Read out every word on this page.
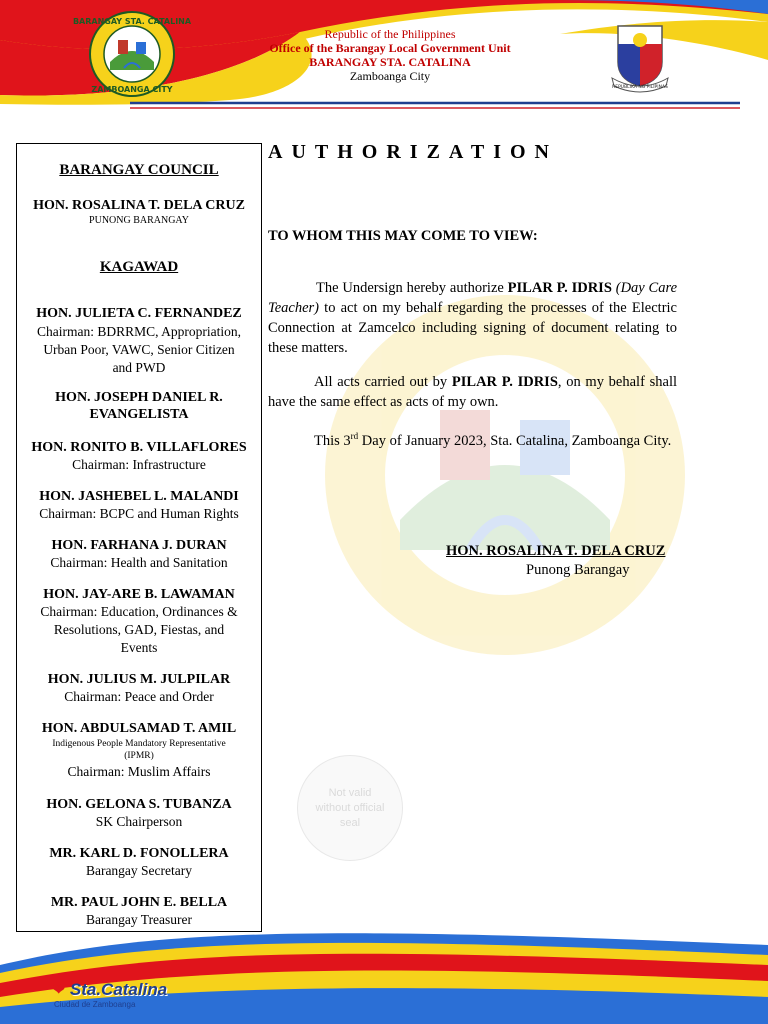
BARANGAY STA. CATALINA
ZAMBOANGA CITY	REPUBLIKA NG PILIPINAS
Republic of the Philippines
Office of the Barangay Local Government Unit
BARANGAY STA. CATALINA
Zamboanga City
BARANGAY COUNCIL
HON. ROSALINA T. DELA CRUZ
PUNONG BARANGAY
KAGAWAD
HON. JULIETA C. FERNANDEZ
Chairman: BDRRMC, Appropriation,
Urban Poor, VAWC, Senior Citizen
and PWD
HON. JOSEPH DANIEL R.
EVANGELISTA
HON. RONITO B. VILLAFLORES
Chairman: Infrastructure
HON. JASHEBEL L. MALANDI
Chairman: BCPC and Human Rights
HON. FARHANA J. DURAN
Chairman: Health and Sanitation
HON. JAY-ARE B. LAWAMAN
Chairman: Education, Ordinances &
Resolutions, GAD, Fiestas, and
Events
HON. JULIUS M. JULPILAR
Chairman: Peace and Order
HON. ABDULSAMAD T. AMIL
Indigenous People Mandatory Representative
(IPMR)
Chairman: Muslim Affairs
HON. GELONA S. TUBANZA
SK Chairperson
MR. KARL D. FONOLLERA
Barangay Secretary
MR. PAUL JOHN E. BELLA
Barangay Treasurer
AUTHORIZATION
TO WHOM THIS MAY COME TO VIEW:
The Undersign hereby authorize PILAR P. IDRIS (Day Care Teacher) to act on my behalf regarding the processes of the Electric Connection at Zamcelco including signing of document relating to these matters.
All acts carried out by PILAR P. IDRIS, on my behalf shall have the same effect as acts of my own.
This 3rd Day of January 2023, Sta. Catalina, Zamboanga City.
HON. ROSALINA T. DELA CRUZ
Punong Barangay
Not valid
without official
seal
❤ Sta.Catalina
Ciudad de Zamboanga
